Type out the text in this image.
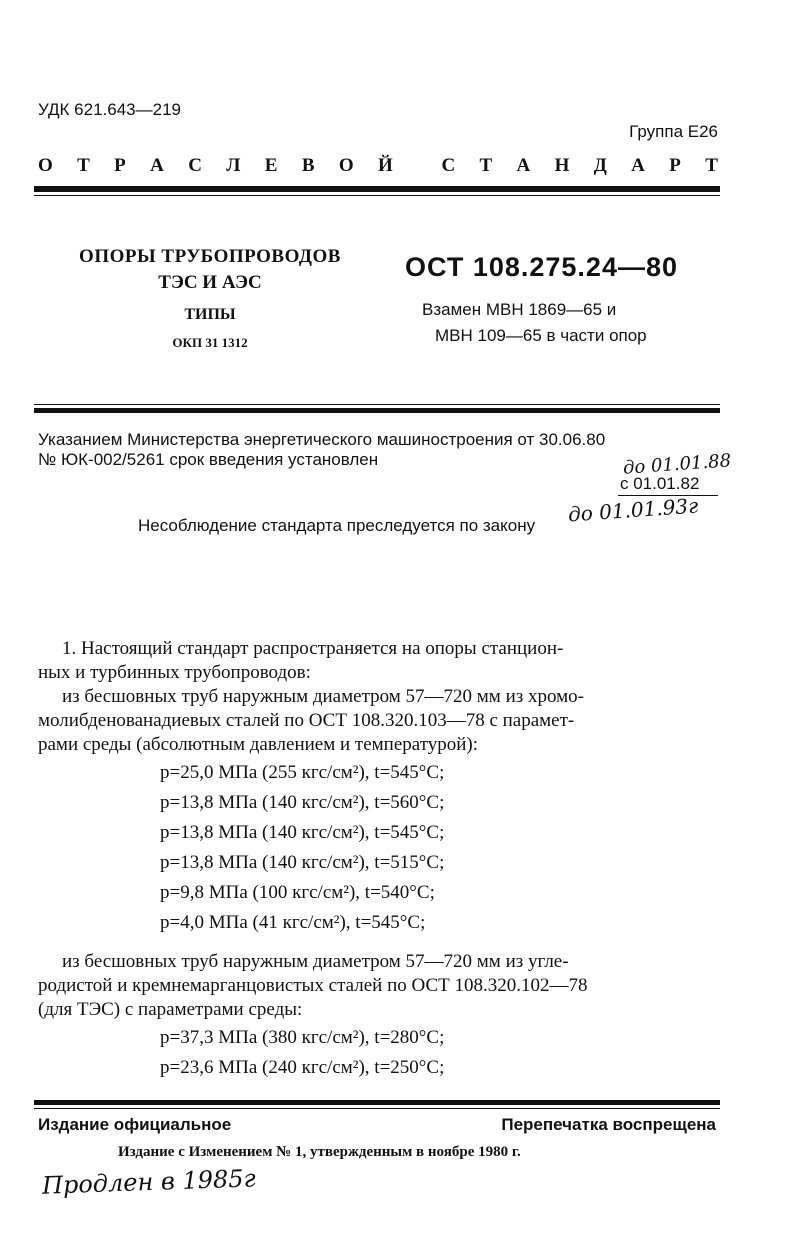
УДК 621.643—219
Группа Е26
О Т Р А С Л Е В О Й	С Т А Н Д А Р Т
ОПОРЫ ТРУБОПРОВОДОВ
ТЭС И АЭС
ТИПЫ
ОКП 31 1312
ОСТ 108.275.24—80
Взамен МВН 1869—65 и
МВН 109—65 в части опор
Указанием Министерства энергетического машиностроения от 30.06.80
№ ЮК-002/5261 срок введения установлен	до 01.01.88
с 01.01.82
Несоблюдение стандарта преследуется по закону до 01.01.93г
1. Настоящий стандарт распространяется на опоры станцион-
ных и турбинных трубопроводов:
из бесшовных труб наружным диаметром 57—720 мм из хромо-
молибденованадиевых сталей по ОСТ 108.320.103—78 с парамет-
рами среды (абсолютным давлением и температурой):
р=25,0 МПа (255 кгс/см²), t=545°С;
р=13,8 МПа (140 кгс/см²), t=560°С;
р=13,8 МПа (140 кгс/см²), t=545°С;
р=13,8 МПа (140 кгс/см²), t=515°С;
р=9,8 МПа (100 кгс/см²), t=540°С;
р=4,0 МПа (41 кгс/см²), t=545°С;
из бесшовных труб наружным диаметром 57—720 мм из угле-
родистой и кремнемарганцовистых сталей по ОСТ 108.320.102—78
(для ТЭС) с параметрами среды:
р=37,3 МПа (380 кгс/см²), t=280°С;
р=23,6 МПа (240 кгс/см²), t=250°С;
Издание официальное	Перепечатка воспрещена
Издание с Изменением № 1, утвержденным в ноябре 1980 г.
Продлен в 1985г
